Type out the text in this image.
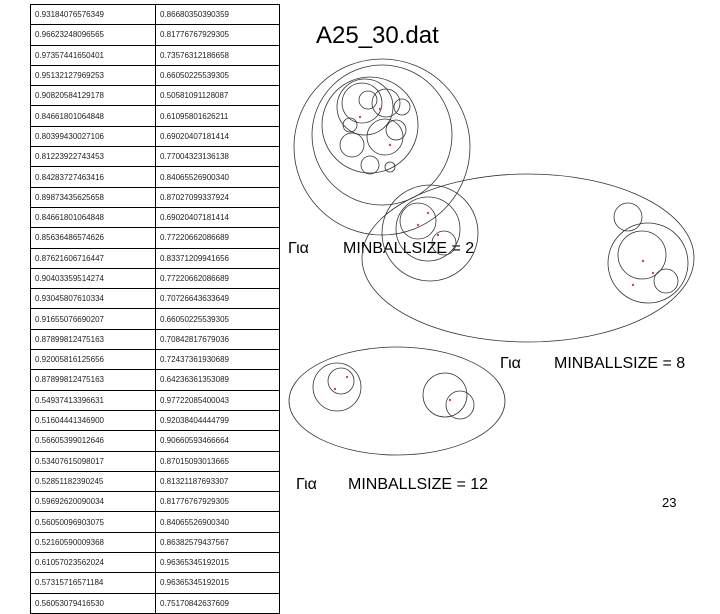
0.93184076576349	0.86680350390359
0.96623248096565	0.81776767929305
0.97357441650401	0.73576312186658
0.95132127969253	0.66050225539305
0.90820584129178	0.50581091128087
0.84661801064848	0.61095801626211
0.80399430027106	0.69020407181414
0.81223922743453	0.77004323136138
0.84283727463416	0.84065526900340
0.89873435625658	0.87027099337924
0.84661801064848	0.69020407181414
0.85636486574626	0.77220662086689
0.87621606716447	0.83371209941656
0.90403359514274	0.77220662086689
0.93045807610334	0.70726643633649
0.91655076690207	0.66050225539305
0.87899812475163	0.70842817679036
0.92005816125656	0.72437361930689
0.87899812475163	0.64236361353089
0.54937413396631	0.97722085400043
0.51604441346900	0.92038404444799
0.56605399012646	0.90660593466664
0.53407615098017	0.87015093013665
0.52851182390245	0.81321187693307
0.59692620090034	0.81776767929305
0.56050096903075	0.84065526900340
0.52160590009368	0.86382579437567
0.61057023562024	0.96365345192015
0.57315716571184	0.96365345192015
0.56053079416530	0.75170842637609
A25_30.dat
Για MINBALLSIZE = 2
Για MINBALLSIZE = 8
Για MINBALLSIZE = 12
23
